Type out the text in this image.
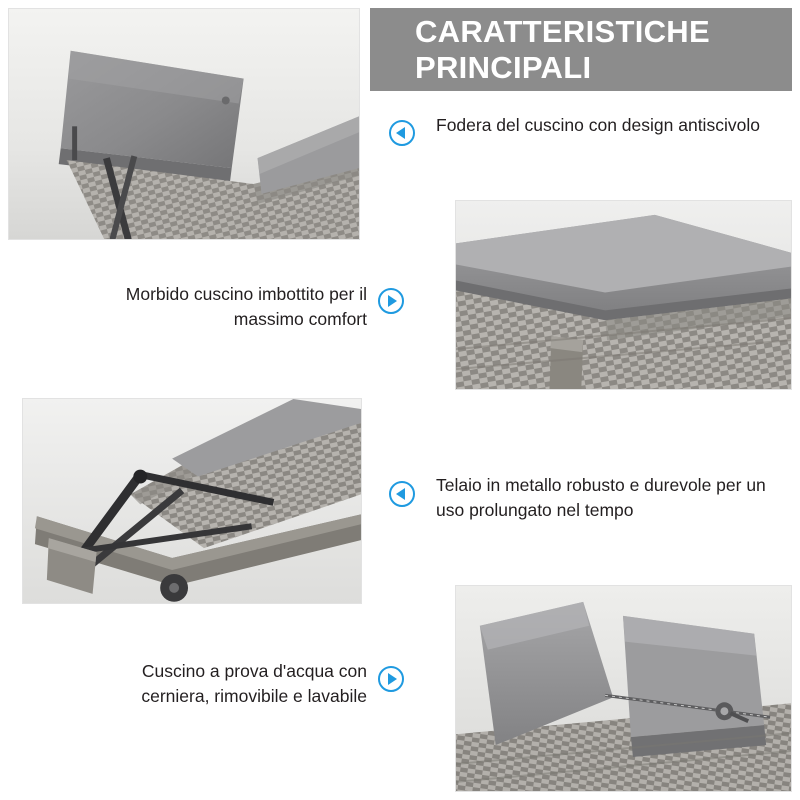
CARATTERISTICHE PRINCIPALI
Fodera del cuscino con design antiscivolo
Morbido cuscino imbottito per il massimo comfort
Telaio in metallo robusto e durevole per un uso prolungato nel tempo
Cuscino a prova d'acqua con cerniera, rimovibile e lavabile
